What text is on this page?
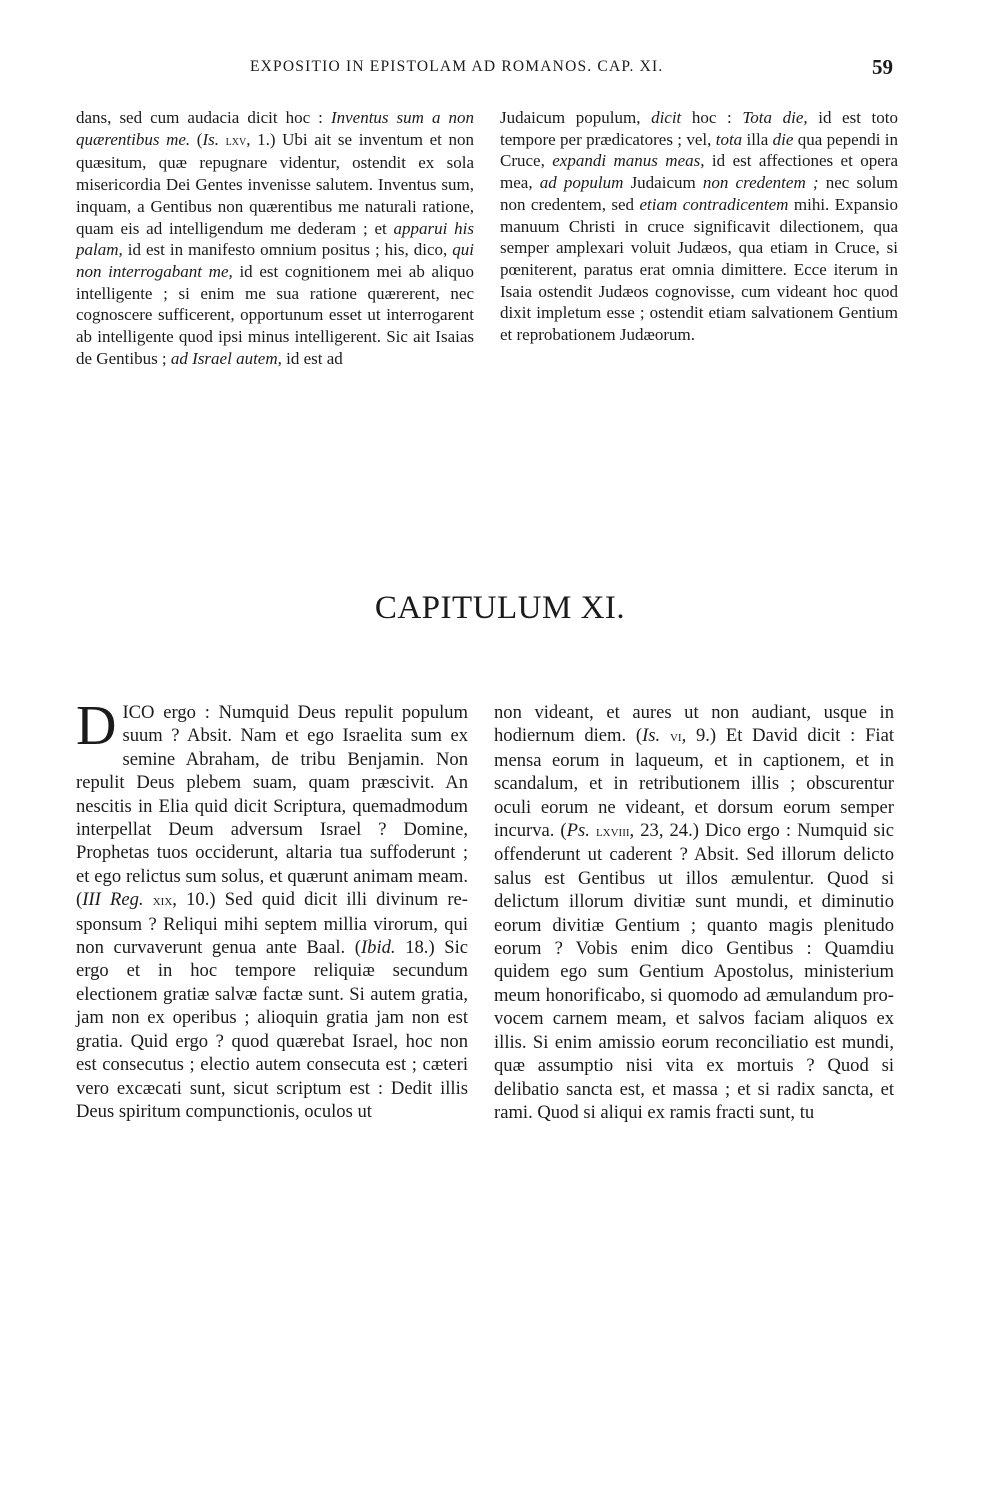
EXPOSITIO IN EPISTOLAM AD ROMANOS. CAP. XI.	59

dans, sed cum audacia dicit hoc : Inventus sum a non quærentibus me. (Is. lxv, 1.) Ubi ait se inventum et non quæsitum, quæ repugnare videntur, ostendit ex sola misericordia Dei Gentes invenisse salutem. Inventus sum, inquam, a Gentibus non quærentibus me naturali ratione, quam eis ad intelligendum me dederam ; et apparui his palam, id est in manifesto omnium positus ; his, dico, qui non interrogabant me, id est cognitionem mei ab aliquo intelligente ; si enim me sua ratione quærerent, nec cognoscere sufficerent, opportunum esset ut interrogarent ab intelligente quod ipsi minus intelligerent. Sic ait Isaias de Gentibus ; ad Israel autem, id est ad

Judaicum populum, dicit hoc : Tota die, id est toto tempore per prædicatores ; vel, tota illa die qua pependi in Cruce, expandi manus meas, id est affectiones et opera mea, ad populum Judaicum non credentem ; nec solum non credentem, sed etiam contradicentem mihi. Expansio manuum Christi in cruce significavit dilectionem, qua semper amplexari voluit Judæos, qua etiam in Cruce, si pœniterent, paratus erat omnia dimittere. Ecce iterum in Isaia ostendit Judæos cognovisse, cum videant hoc quod dixit impletum esse ; ostendit etiam salvationem Gentium et reprobationem Judæorum.

CAPITULUM XI.

DICO ergo : Numquid Deus repulit populum suum ? Absit. Nam et ego Israelita sum ex semine Abraham, de tribu Benjamin. Non repulit Deus plebem suam, quam præscivit. An nescitis in Elia quid dicit Scriptura, quemadmodum interpellat Deum adversum Israel ? Domine, Prophetas tuos occiderunt, altaria tua suffoderunt ; et ego relictus sum solus, et quærunt animam meam. (III Reg. xix, 10.) Sed quid dicit illi divinum responsum ? Reliqui mihi septem millia virorum, qui non curvaverunt genua ante Baal. (Ibid. 18.) Sic ergo et in hoc tempore reliquiæ secundum electionem gratiæ salvæ factæ sunt. Si autem gratia, jam non ex operibus ; alioquin gratia jam non est gratia. Quid ergo ? quod quærebat Israel, hoc non est consecutus ; electio autem consecuta est ; cæteri vero excæcati sunt, sicut scriptum est : Dedit illis Deus spiritum compunctionis, oculos ut

non videant, et aures ut non audiant, usque in hodiernum diem. (Is. vi, 9.) Et David dicit : Fiat mensa eorum in laqueum, et in captionem, et in scandalum, et in retributionem illis ; obscurentur oculi eorum ne videant, et dorsum eorum semper incurva. (Ps. lxviii, 23, 24.) Dico ergo : Numquid sic offenderunt ut caderent ? Absit. Sed illorum delicto salus est Gentibus ut illos æmulentur. Quod si delictum illorum divitiæ sunt mundi, et diminutio eorum divitiæ Gentium ; quanto magis plenitudo eorum ? Vobis enim dico Gentibus : Quamdiu quidem ego sum Gentium Apostolus, ministerium meum honorificabo, si quomodo ad æmulandum provocem carnem meam, et salvos faciam aliquos ex illis. Si enim amissio eorum reconciliatio est mundi, quæ assumptio nisi vita ex mortuis ? Quod si delibatio sancta est, et massa ; et si radix sancta, et rami. Quod si aliqui ex ramis fracti sunt, tu
